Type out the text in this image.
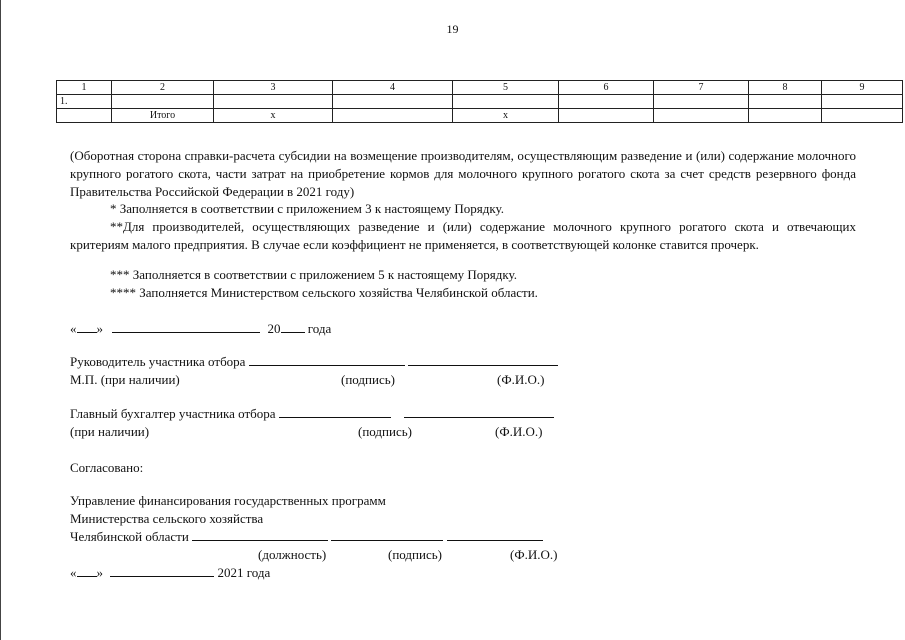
19
1	2	3	4	5	6	7	8	9
1.								
	Итого	х		х				
(Оборотная сторона справки-расчета субсидии на возмещение производителям, осуществляющим разведение и (или) содержание молочного крупного рогатого скота, части затрат на приобретение кормов для молочного крупного рогатого скота за счет средств резервного фонда Правительства Российской Федерации в 2021 году)
* Заполняется в соответствии с приложением 3 к настоящему Порядку.
**Для производителей, осуществляющих разведение и (или) содержание молочного крупного рогатого скота и отвечающих критериям малого предприятия. В случае если коэффициент не применяется, в соответствующей колонке ставится прочерк.
*** Заполняется в соответствии с приложением 5 к настоящему Порядку.
**** Заполняется Министерством сельского хозяйства Челябинской области.
« »	20 года
Руководитель участника отбора
М.П. (при наличии)	(подпись)	(Ф.И.О.)
Главный бухгалтер участника отбора
(при наличии)	(подпись)	(Ф.И.О.)
Согласовано:
Управление финансирования государственных программ
Министерства сельского хозяйства
Челябинской области
(должность)	(подпись)	(Ф.И.О.)
« »	2021 года
